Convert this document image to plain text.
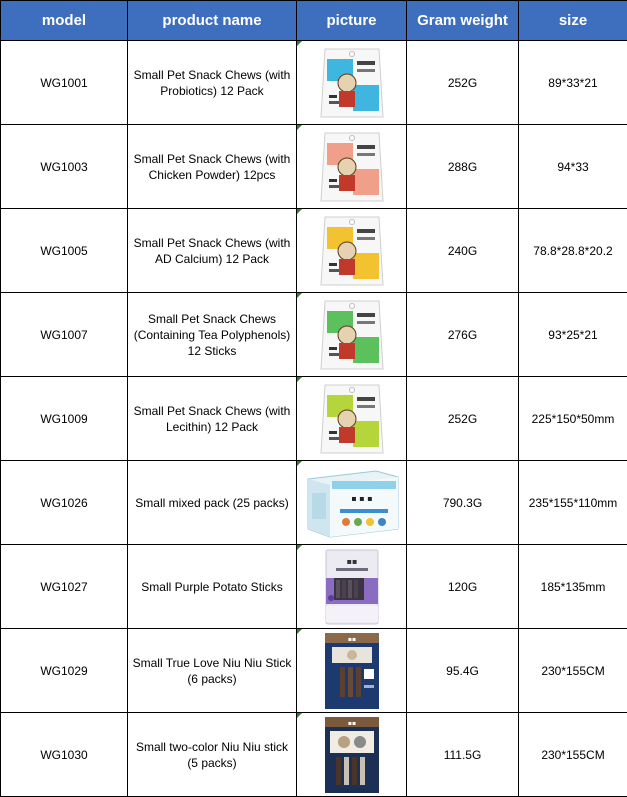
model	product name	picture	Gram weight	size
WG1001	Small Pet Snack Chews (with Probiotics) 12 Pack		252G	89*33*21
WG1003	Small Pet Snack Chews (with Chicken Powder) 12pcs		288G	94*33
WG1005	Small Pet Snack Chews (with AD Calcium) 12 Pack		240G	78.8*28.8*20.2
WG1007	Small Pet Snack Chews (Containing Tea Polyphenols) 12 Sticks		276G	93*25*21
WG1009	Small Pet Snack Chews (with Lecithin) 12 Pack		252G	225*150*50mm
WG1026	Small mixed pack (25 packs)	▪ ▪ ▪	790.3G	235*155*110mm
WG1027	Small Purple Potato Sticks	▪▪	120G	185*135mm
WG1029	Small True Love Niu Niu Stick (6 packs)	▪▪	95.4G	230*155CM
WG1030	Small two-color Niu Niu stick (5 packs)	▪▪	111.5G	230*155CM
